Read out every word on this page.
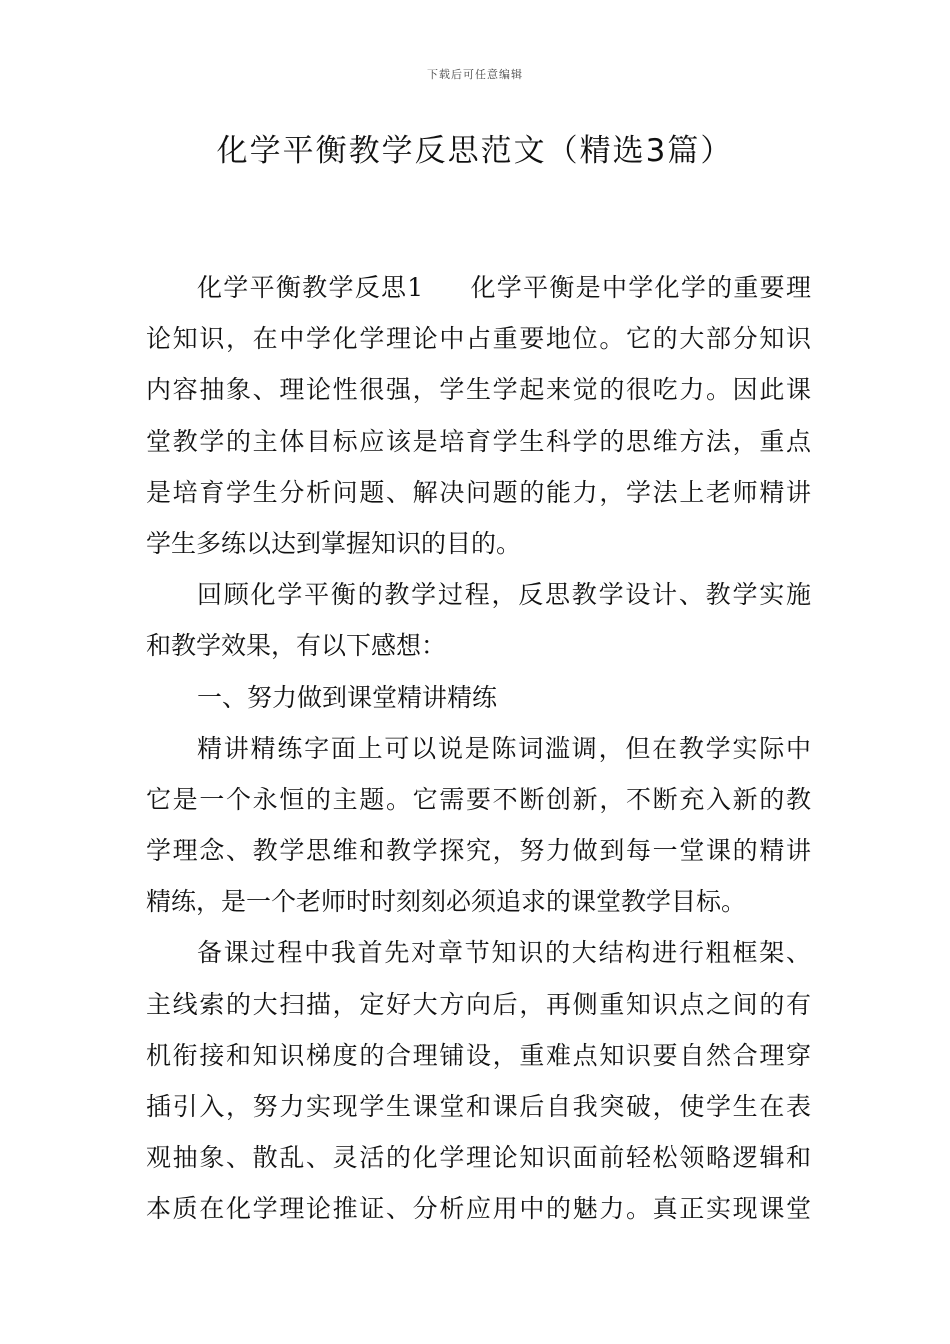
下载后可任意编辑
化学平衡教学反思范文（精选3篇）
化学平衡教学反思1 化学平衡是中学化学的重要理
论知识，在中学化学理论中占重要地位。它的大部分知识
内容抽象、理论性很强，学生学起来觉的很吃力。因此课
堂教学的主体目标应该是培育学生科学的思维方法，重点
是培育学生分析问题、解决问题的能力，学法上老师精讲
学生多练以达到掌握知识的目的。
回顾化学平衡的教学过程，反思教学设计、教学实施
和教学效果，有以下感想：
一、努力做到课堂精讲精练
精讲精练字面上可以说是陈词滥调，但在教学实际中
它是一个永恒的主题。它需要不断创新，不断充入新的教
学理念、教学思维和教学探究，努力做到每一堂课的精讲
精练，是一个老师时时刻刻必须追求的课堂教学目标。
备课过程中我首先对章节知识的大结构进行粗框架、
主线索的大扫描，定好大方向后，再侧重知识点之间的有
机衔接和知识梯度的合理铺设，重难点知识要自然合理穿
插引入，努力实现学生课堂和课后自我突破，使学生在表
观抽象、散乱、灵活的化学理论知识面前轻松领略逻辑和
本质在化学理论推证、分析应用中的魅力。真正实现课堂
